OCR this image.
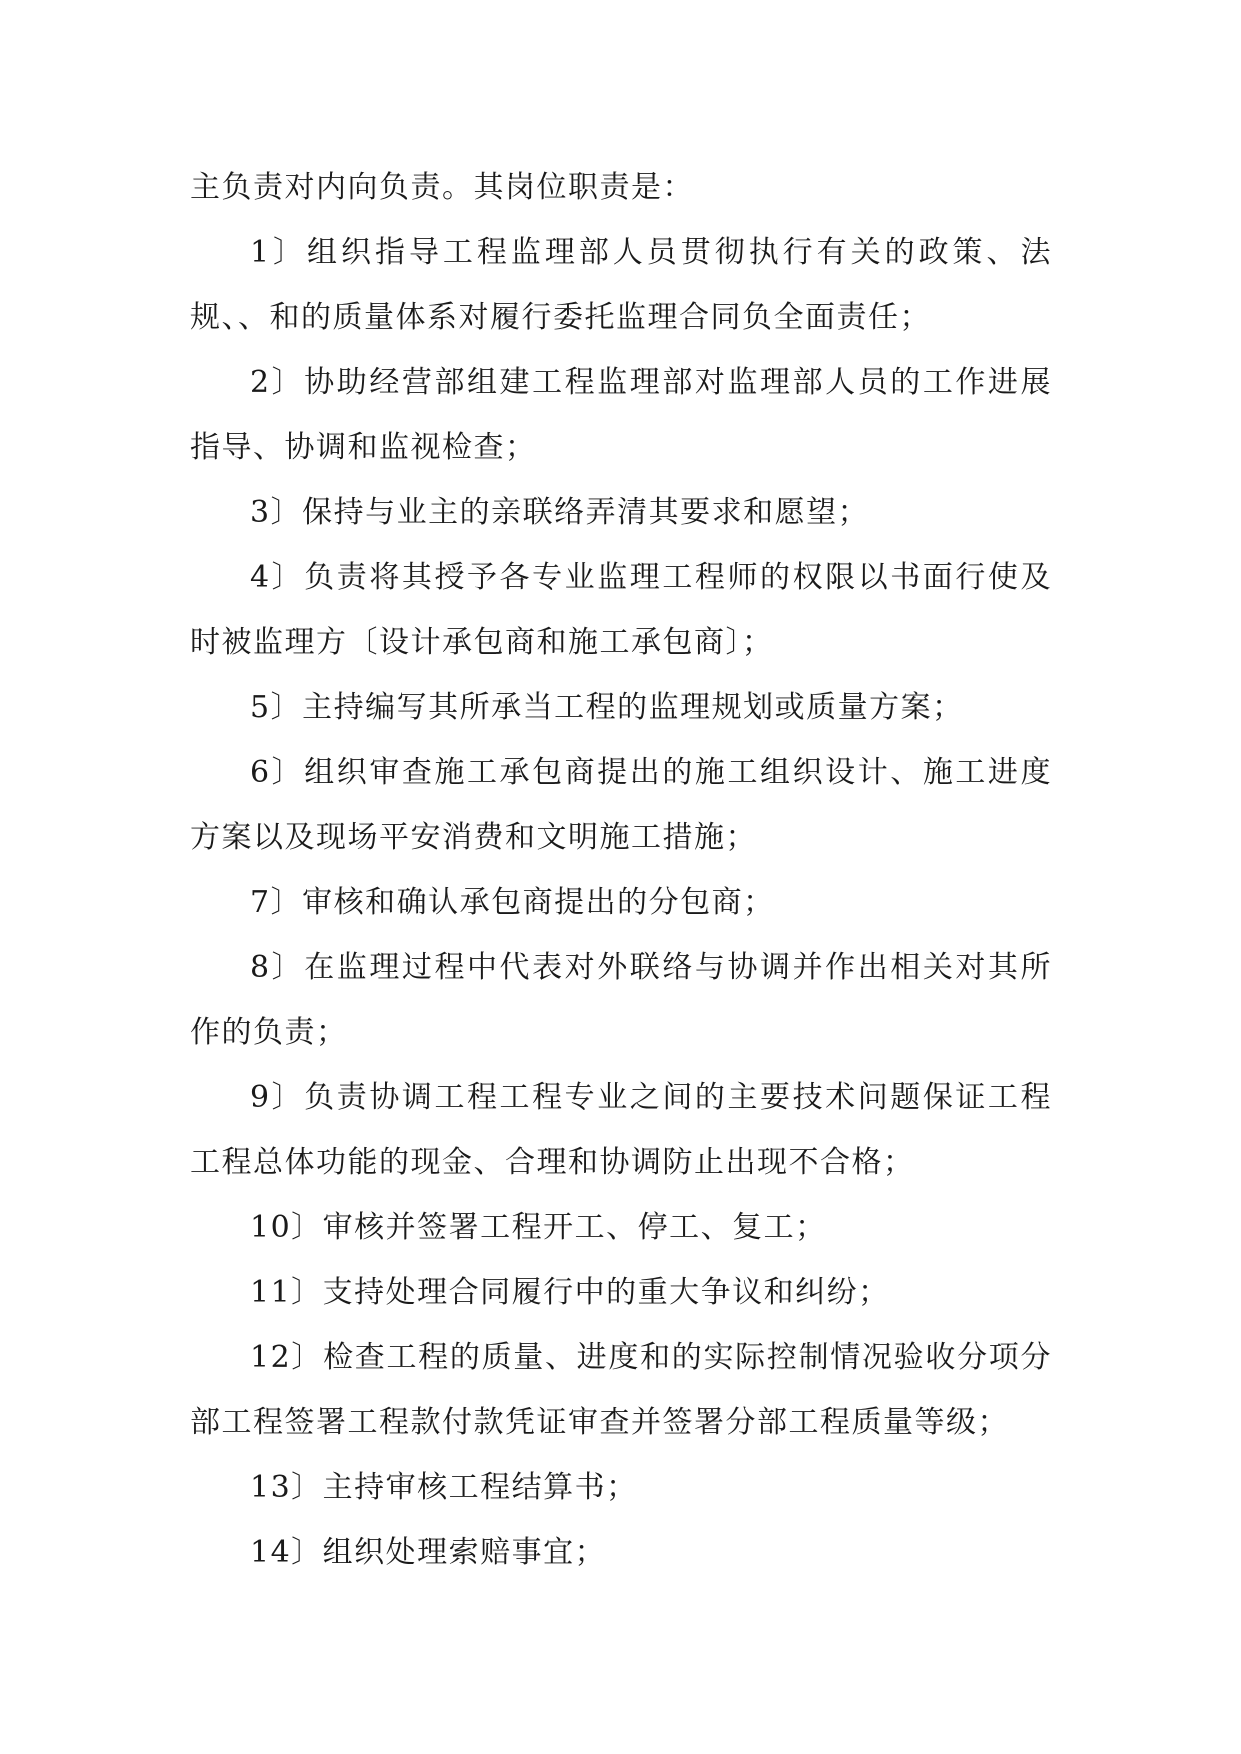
主负责对内向负责。其岗位职责是：

1〕组织指导工程监理部人员贯彻执行有关的政策、法规、、和的质量体系对履行委托监理合同负全面责任；

2〕协助经营部组建工程监理部对监理部人员的工作进展指导、协调和监视检查；

3〕保持与业主的亲联络弄清其要求和愿望；

4〕负责将其授予各专业监理工程师的权限以书面行使及时被监理方〔设计承包商和施工承包商〕；

5〕主持编写其所承当工程的监理规划或质量方案；

6〕组织审查施工承包商提出的施工组织设计、施工进度方案以及现场平安消费和文明施工措施；

7〕审核和确认承包商提出的分包商；

8〕在监理过程中代表对外联络与协调并作出相关对其所作的负责；

9〕负责协调工程工程专业之间的主要技术问题保证工程工程总体功能的现金、合理和协调防止出现不合格；

10〕审核并签署工程开工、停工、复工；

11〕支持处理合同履行中的重大争议和纠纷；

12〕检查工程的质量、进度和的实际控制情况验收分项分部工程签署工程款付款凭证审查并签署分部工程质量等级；

13〕主持审核工程结算书；

14〕组织处理索赔事宜；
